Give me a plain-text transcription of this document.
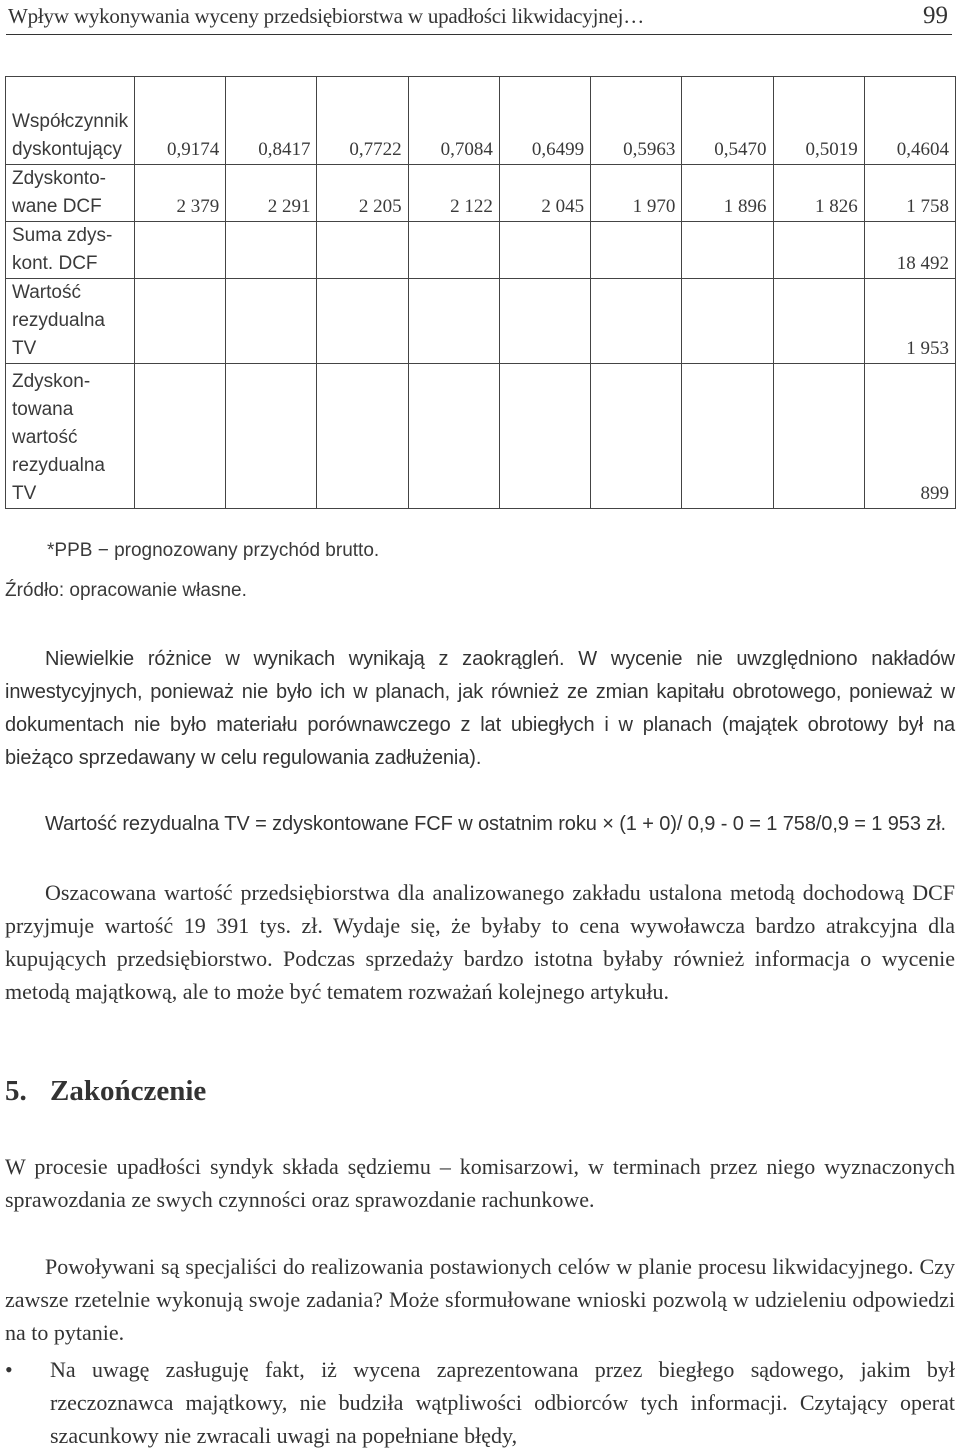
Wpływ wykonywania wyceny przedsiębiorstwa w upadłości likwidacyjnej…	99
Współczynnik dyskontujący	0,9174	0,8417	0,7722	0,7084	0,6499	0,5963	0,5470	0,5019	0,4604
Zdyskontowane DCF	2 379	2 291	2 205	2 122	2 045	1 970	1 896	1 826	1 758
Suma zdyskont. DCF									18 492
Wartość rezydualna TV									1 953
Zdyskontowana wartość rezydualna TV									899
*PPB − prognozowany przychód brutto.
Źródło: opracowanie własne.
Niewielkie różnice w wynikach wynikają z zaokrągleń. W wycenie nie uwzględniono nakładów inwestycyjnych, ponieważ nie było ich w planach, jak również ze zmian kapitału obrotowego, ponieważ w dokumentach nie było materiału porównawczego z lat ubiegłych i w planach (majątek obrotowy był na bieżąco sprzedawany w celu regulowania zadłużenia).
Wartość rezydualna TV = zdyskontowane FCF w ostatnim roku × (1 + 0)/ 0,9 - 0 = 1 758/0,9 = 1 953 zł.
Oszacowana wartość przedsiębiorstwa dla analizowanego zakładu ustalona metodą dochodową DCF przyjmuje wartość 19 391 tys. zł. Wydaje się, że byłaby to cena wywoławcza bardzo atrakcyjna dla kupujących przedsiębiorstwo. Podczas sprzedaży bardzo istotna byłaby również informacja o wycenie metodą majątkową, ale to może być tematem rozważań kolejnego artykułu.
5. Zakończenie
W procesie upadłości syndyk składa sędziemu – komisarzowi, w terminach przez niego wyznaczonych sprawozdania ze swych czynności oraz sprawozdanie rachunkowe.
Powoływani są specjaliści do realizowania postawionych celów w planie procesu likwidacyjnego. Czy zawsze rzetelnie wykonują swoje zadania? Może sformułowane wnioski pozwolą w udzieleniu odpowiedzi na to pytanie.
• Na uwagę zasługuję fakt, iż wycena zaprezentowana przez biegłego sądowego, jakim był rzeczoznawca majątkowy, nie budziła wątpliwości odbiorców tych informacji. Czytający operat szacunkowy nie zwracali uwagi na popełniane błędy,
